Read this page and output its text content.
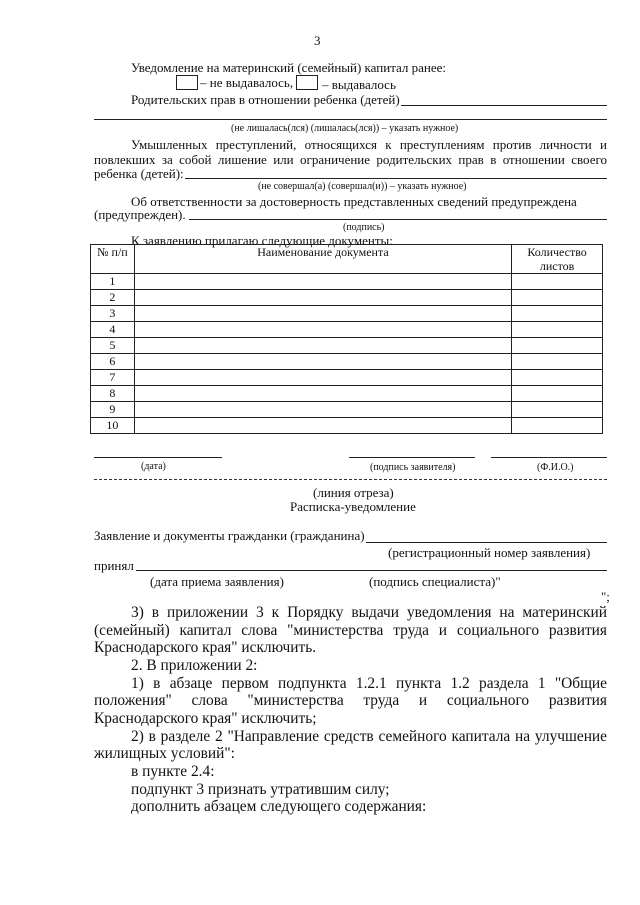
3
Уведомление на материнский (семейный) капитал ранее:
– не выдавалось, – выдавалось
Родительских прав в отношении ребенка (детей)
(не лишалась(лся) (лишалась(лся)) – указать нужное)
Умышленных преступлений, относящихся к преступлениям против личности и
повлекших за собой лишение или ограничение родительских прав в отношении своего
ребенка (детей):
(не совершал(а) (совершал(и)) – указать нужное)
Об ответственности за достоверность представленных сведений предупреждена
(предупрежден).
(подпись)
К заявлению прилагаю следующие документы:
№ п/п	Наименование документа	Количество
листов
1		
2		
3		
4		
5		
6		
7		
8		
9		
10		
(дата)	(подпись заявителя)	(Ф.И.О.)
(линия отреза)
Расписка-уведомление
Заявление и документы гражданки (гражданина)
(регистрационный номер заявления)
принял
(дата приема заявления)	(подпись специалиста)"
";
3) в приложении 3 к Порядку выдачи уведомления на материнский
(семейный) капитал слова "министерства труда и социального развития
Краснодарского края" исключить.
2. В приложении 2:
1) в абзаце первом подпункта 1.2.1 пункта 1.2 раздела 1 "Общие
положения" слова "министерства труда и социального развития
Краснодарского края" исключить;
2) в разделе 2 "Направление средств семейного капитала на улучшение
жилищных условий":
в пункте 2.4:
подпункт 3 признать утратившим силу;
дополнить абзацем следующего содержания:
